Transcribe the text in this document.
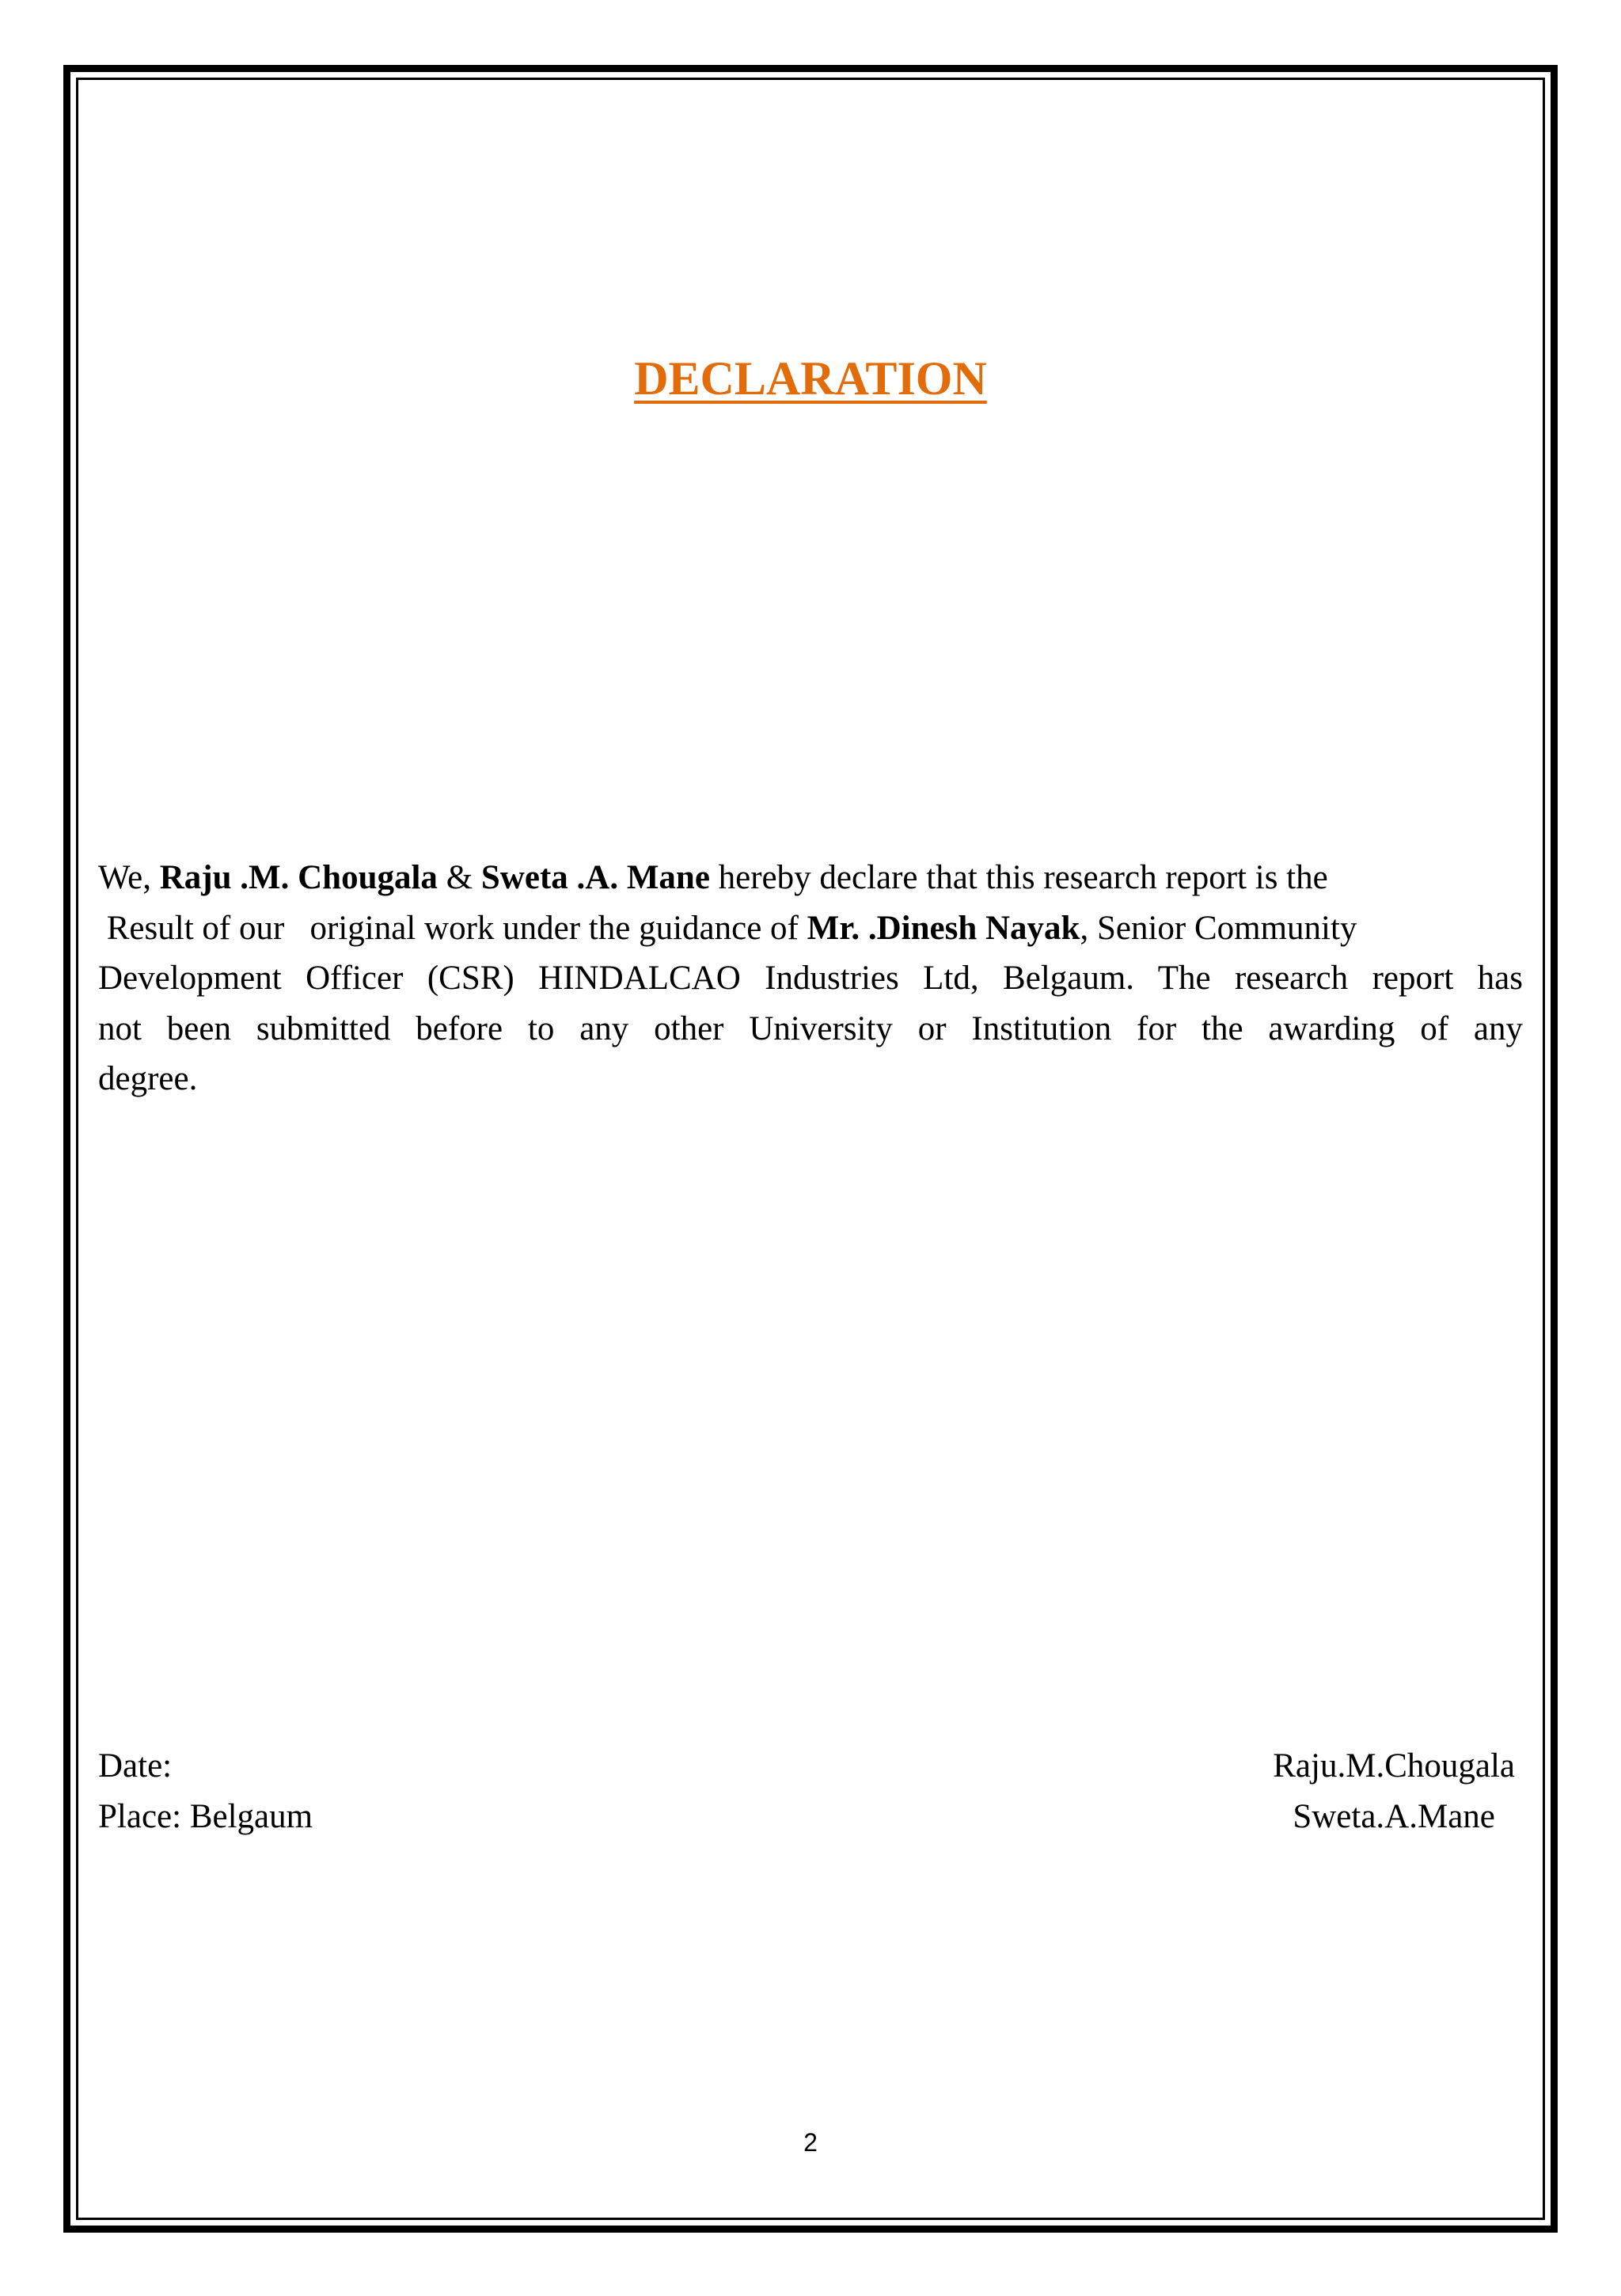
DECLARATION
We, Raju .M. Chougala & Sweta .A. Mane hereby declare that this research report is the
Result of our   original work under the guidance of Mr. .Dinesh Nayak, Senior Community
Development Officer (CSR) HINDALCAO Industries Ltd, Belgaum. The research report has
not been submitted before to any other University or Institution for the awarding of any
degree.
Date:
Place: Belgaum
Raju.M.Chougala
Sweta.A.Mane
2
